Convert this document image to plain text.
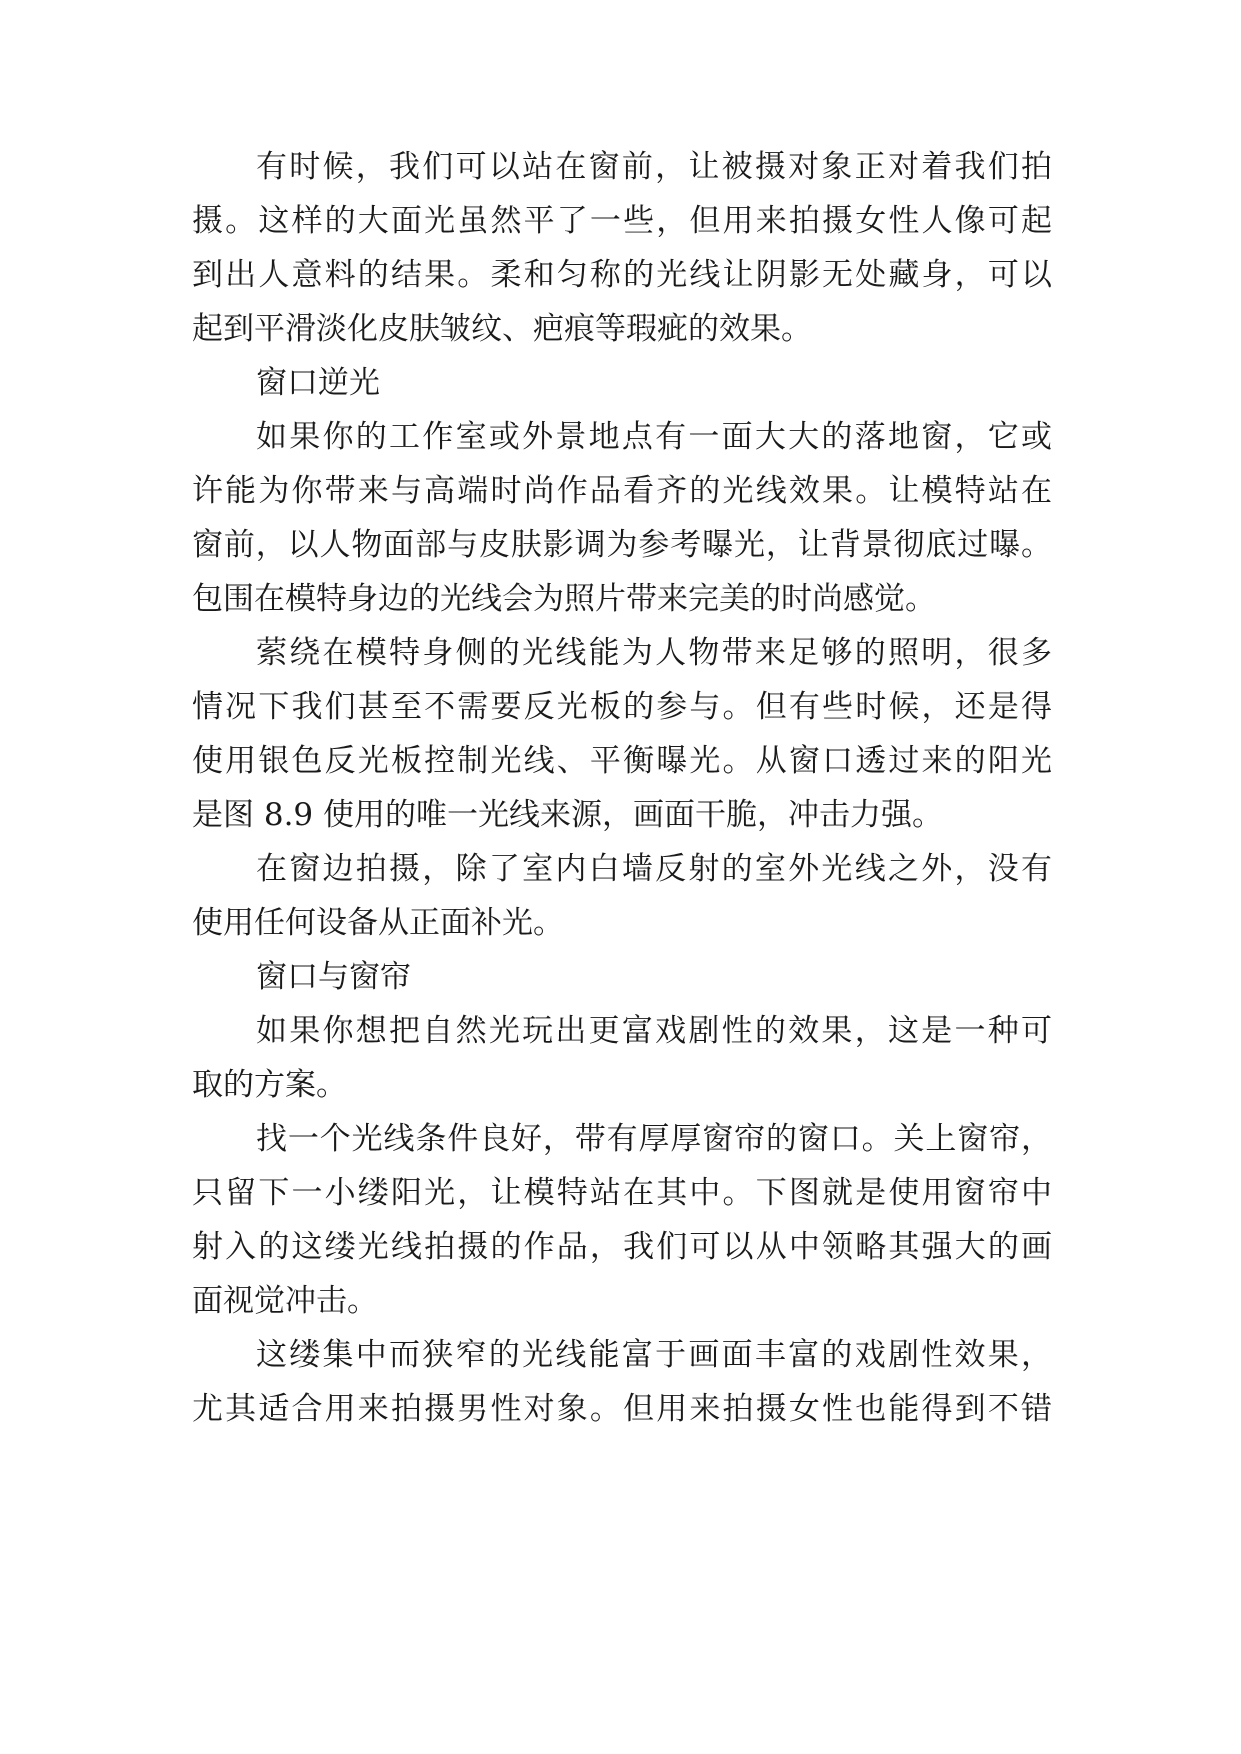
有时候，我们可以站在窗前，让被摄对象正对着我们拍
摄。这样的大面光虽然平了一些，但用来拍摄女性人像可起
到出人意料的结果。柔和匀称的光线让阴影无处藏身，可以
起到平滑淡化皮肤皱纹、疤痕等瑕疵的效果。
窗口逆光
如果你的工作室或外景地点有一面大大的落地窗，它或
许能为你带来与高端时尚作品看齐的光线效果。让模特站在
窗前，以人物面部与皮肤影调为参考曝光，让背景彻底过曝。
包围在模特身边的光线会为照片带来完美的时尚感觉。
萦绕在模特身侧的光线能为人物带来足够的照明，很多
情况下我们甚至不需要反光板的参与。但有些时候，还是得
使用银色反光板控制光线、平衡曝光。从窗口透过来的阳光
是图 8.9 使用的唯一光线来源，画面干脆，冲击力强。
在窗边拍摄，除了室内白墙反射的室外光线之外，没有
使用任何设备从正面补光。
窗口与窗帘
如果你想把自然光玩出更富戏剧性的效果，这是一种可
取的方案。
找一个光线条件良好，带有厚厚窗帘的窗口。关上窗帘，
只留下一小缕阳光，让模特站在其中。下图就是使用窗帘中
射入的这缕光线拍摄的作品，我们可以从中领略其强大的画
面视觉冲击。
这缕集中而狭窄的光线能富于画面丰富的戏剧性效果，
尤其适合用来拍摄男性对象。但用来拍摄女性也能得到不错
